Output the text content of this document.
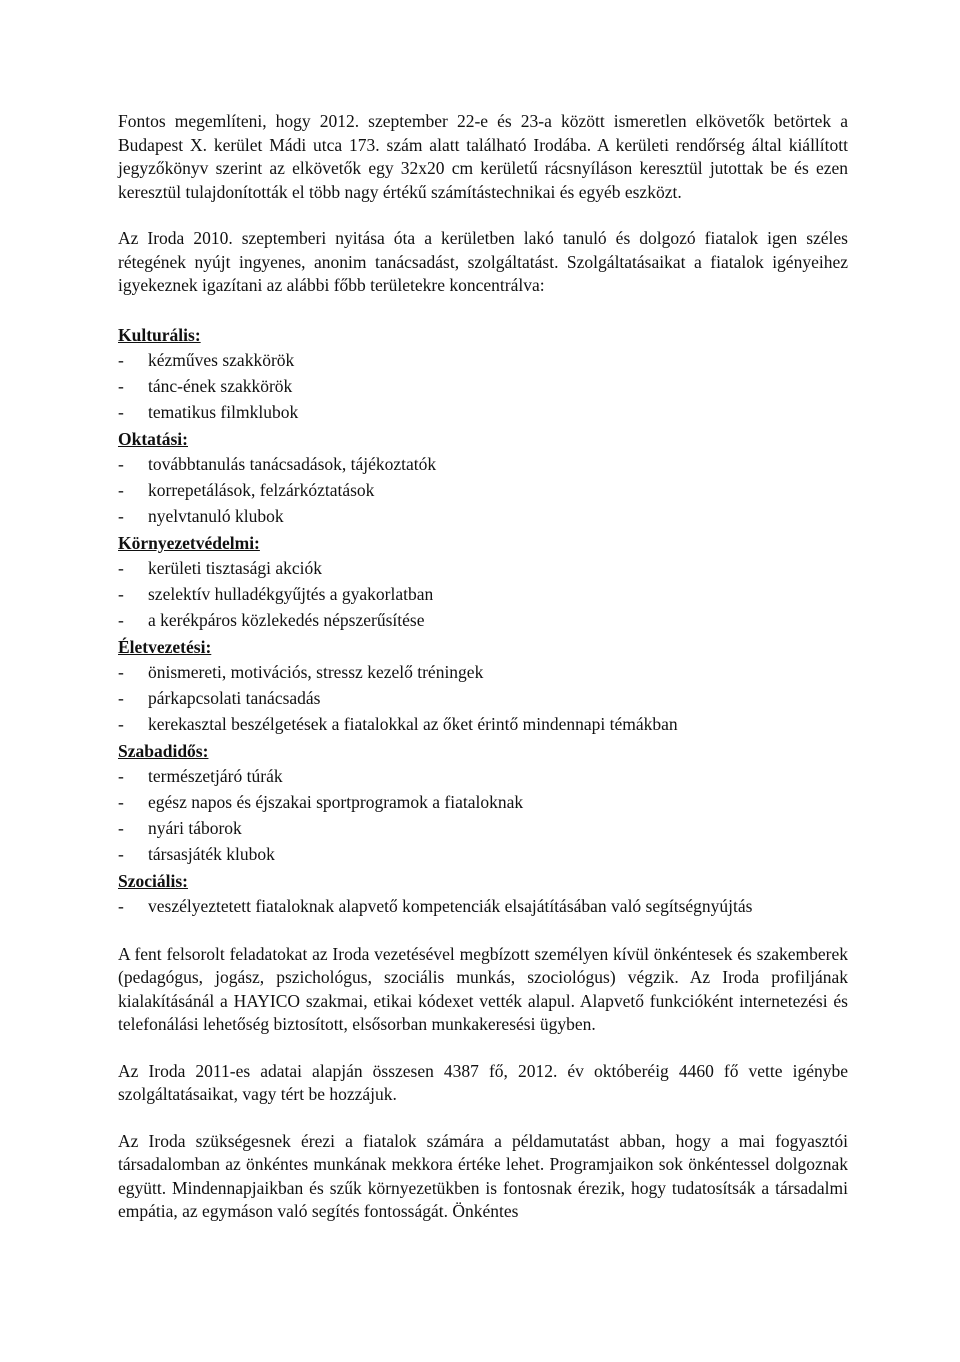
Fontos megemlíteni, hogy 2012. szeptember 22-e és 23-a között ismeretlen elkövetők betörtek a Budapest X. kerület Mádi utca 173. szám alatt található Irodába. A kerületi rendőrség által kiállított jegyzőkönyv szerint az elkövetők egy 32x20 cm kerületű rácsnyíláson keresztül jutottak be és ezen keresztül tulajdonították el több nagy értékű számítástechnikai és egyéb eszközt.

Az Iroda 2010. szeptemberi nyitása óta a kerületben lakó tanuló és dolgozó fiatalok igen széles rétegének nyújt ingyenes, anonim tanácsadást, szolgáltatást. Szolgáltatásaikat a fiatalok igényeihez igyekeznek igazítani az alábbi főbb területekre koncentrálva:

Kulturális:
- kézműves szakkörök
- tánc-ének szakkörök
- tematikus filmklubok
Oktatási:
- továbbtanulás tanácsadások, tájékoztatók
- korrepetálások, felzárkóztatások
- nyelvtanuló klubok
Környezetvédelmi:
- kerületi tisztasági akciók
- szelektív hulladékgyűjtés a gyakorlatban
- a kerékpáros közlekedés népszerűsítése
Életvezetési:
- önismereti, motivációs, stressz kezelő tréningek
- párkapcsolati tanácsadás
- kerekasztal beszélgetések a fiatalokkal az őket érintő mindennapi témákban
Szabadidős:
- természetjáró túrák
- egész napos és éjszakai sportprogramok a fiataloknak
- nyári táborok
- társasjáték klubok
Szociális:
- veszélyeztetett fiataloknak alapvető kompetenciák elsajátításában való segítségnyújtás

A fent felsorolt feladatokat az Iroda vezetésével megbízott személyen kívül önkéntesek és szakemberek (pedagógus, jogász, pszichológus, szociális munkás, szociológus) végzik. Az Iroda profiljának kialakításánál a HAYICO szakmai, etikai kódexet vették alapul. Alapvető funkcióként internetezési és telefonálási lehetőség biztosított, elsősorban munkakeresési ügyben.

Az Iroda 2011-es adatai alapján összesen 4387 fő, 2012. év októberéig 4460 fő vette igénybe szolgáltatásaikat, vagy tért be hozzájuk.

Az Iroda szükségesnek érezi a fiatalok számára a példamutatást abban, hogy a mai fogyasztói társadalomban az önkéntes munkának mekkora értéke lehet. Programjaikon sok önkéntessel dolgoznak együtt. Mindennapjaikban és szűk környezetükben is fontosnak érezik, hogy tudatosítsák a társadalmi empátia, az egymáson való segítés fontosságát. Önkéntes
